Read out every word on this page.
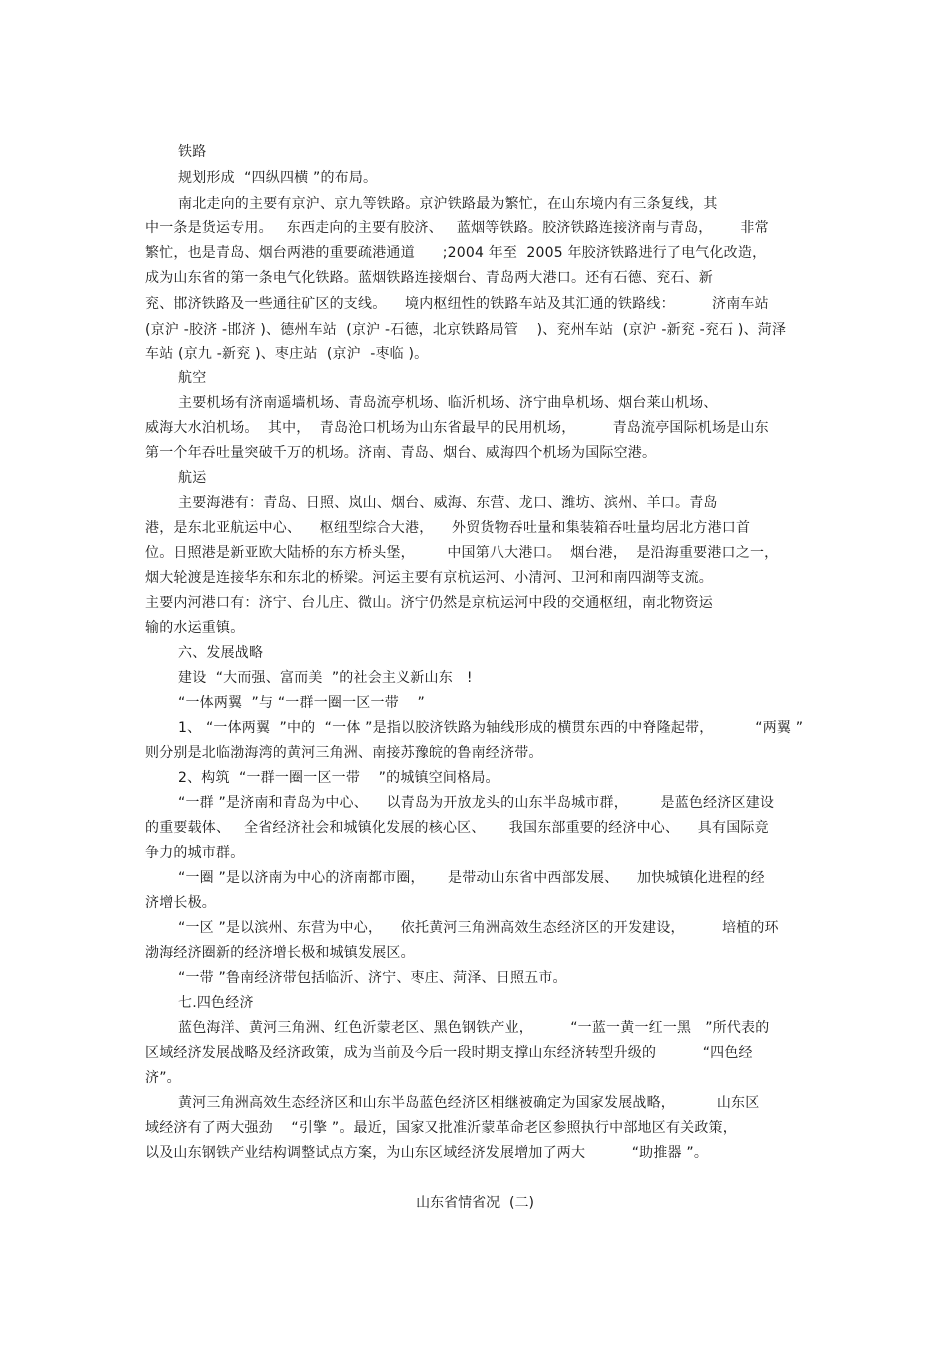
铁路
规划形成  “四纵四横 ”的布局。
南北走向的主要有京沪、京九等铁路。京沪铁路最为繁忙，在山东境内有三条复线，其
中一条是货运专用。   东西走向的主要有胶济、   蓝烟等铁路。胶济铁路连接济南与青岛，      非常
繁忙，也是青岛、烟台两港的重要疏港通道      ;2004 年至  2005 年胶济铁路进行了电气化改造，
成为山东省的第一条电气化铁路。蓝烟铁路连接烟台、青岛两大港口。还有石德、兖石、新
兖、邯济铁路及一些通往矿区的支线。    境内枢纽性的铁路车站及其汇通的铁路线：        济南车站
(京沪 -胶济 -邯济 )、德州车站  (京沪 -石德，北京铁路局管    )、兖州车站  (京沪 -新兖 -兖石 )、菏泽
车站 (京九 -新兖 )、枣庄站  (京沪  -枣临 )。
航空
主要机场有济南遥墙机场、青岛流亭机场、临沂机场、济宁曲阜机场、烟台莱山机场、
威海大水泊机场。  其中，  青岛沧口机场为山东省最早的民用机场，        青岛流亭国际机场是山东
第一个年吞吐量突破千万的机场。济南、青岛、烟台、威海四个机场为国际空港。
航运
主要海港有：青岛、日照、岚山、烟台、威海、东营、龙口、潍坊、滨州、羊口。青岛
港，是东北亚航运中心、    枢纽型综合大港，    外贸货物吞吐量和集装箱吞吐量均居北方港口首
位。日照港是新亚欧大陆桥的东方桥头堡，       中国第八大港口。  烟台港，  是沿海重要港口之一，
烟大轮渡是连接华东和东北的桥梁。河运主要有京杭运河、小清河、卫河和南四湖等支流。
主要内河港口有：济宁、台儿庄、微山。济宁仍然是京杭运河中段的交通枢纽，南北物资运
输的水运重镇。
六、发展战略
建设  “大而强、富而美  ”的社会主义新山东   !
“一体两翼  ”与 “一群一圈一区一带    ”
1、 “一体两翼  ”中的  “一体 ”是指以胶济铁路为轴线形成的横贯东西的中脊隆起带，         “两翼 ”
则分别是北临渤海湾的黄河三角洲、南接苏豫皖的鲁南经济带。
2、构筑  “一群一圈一区一带    ”的城镇空间格局。
“一群 ”是济南和青岛为中心、    以青岛为开放龙头的山东半岛城市群，       是蓝色经济区建设
的重要载体、   全省经济社会和城镇化发展的核心区、     我国东部重要的经济中心、    具有国际竞
争力的城市群。
“一圈 ”是以济南为中心的济南都市圈，     是带动山东省中西部发展、    加快城镇化进程的经
济增长极。
“一区 ”是以滨州、东营为中心，    依托黄河三角洲高效生态经济区的开发建设，        培植的环
渤海经济圈新的经济增长极和城镇发展区。
“一带 ”鲁南经济带包括临沂、济宁、枣庄、菏泽、日照五市。
七.四色经济
蓝色海洋、黄河三角洲、红色沂蒙老区、黑色钢铁产业，        “一蓝一黄一红一黑   ”所代表的
区域经济发展战略及经济政策，成为当前及今后一段时期支撑山东经济转型升级的          “四色经
济”。
黄河三角洲高效生态经济区和山东半岛蓝色经济区相继被确定为国家发展战略，         山东区
域经济有了两大强劲    “引擎 ”。最近，国家又批准沂蒙革命老区参照执行中部地区有关政策，
以及山东钢铁产业结构调整试点方案，为山东区域经济发展增加了两大          “助推器 ”。
山东省情省况  (二)
